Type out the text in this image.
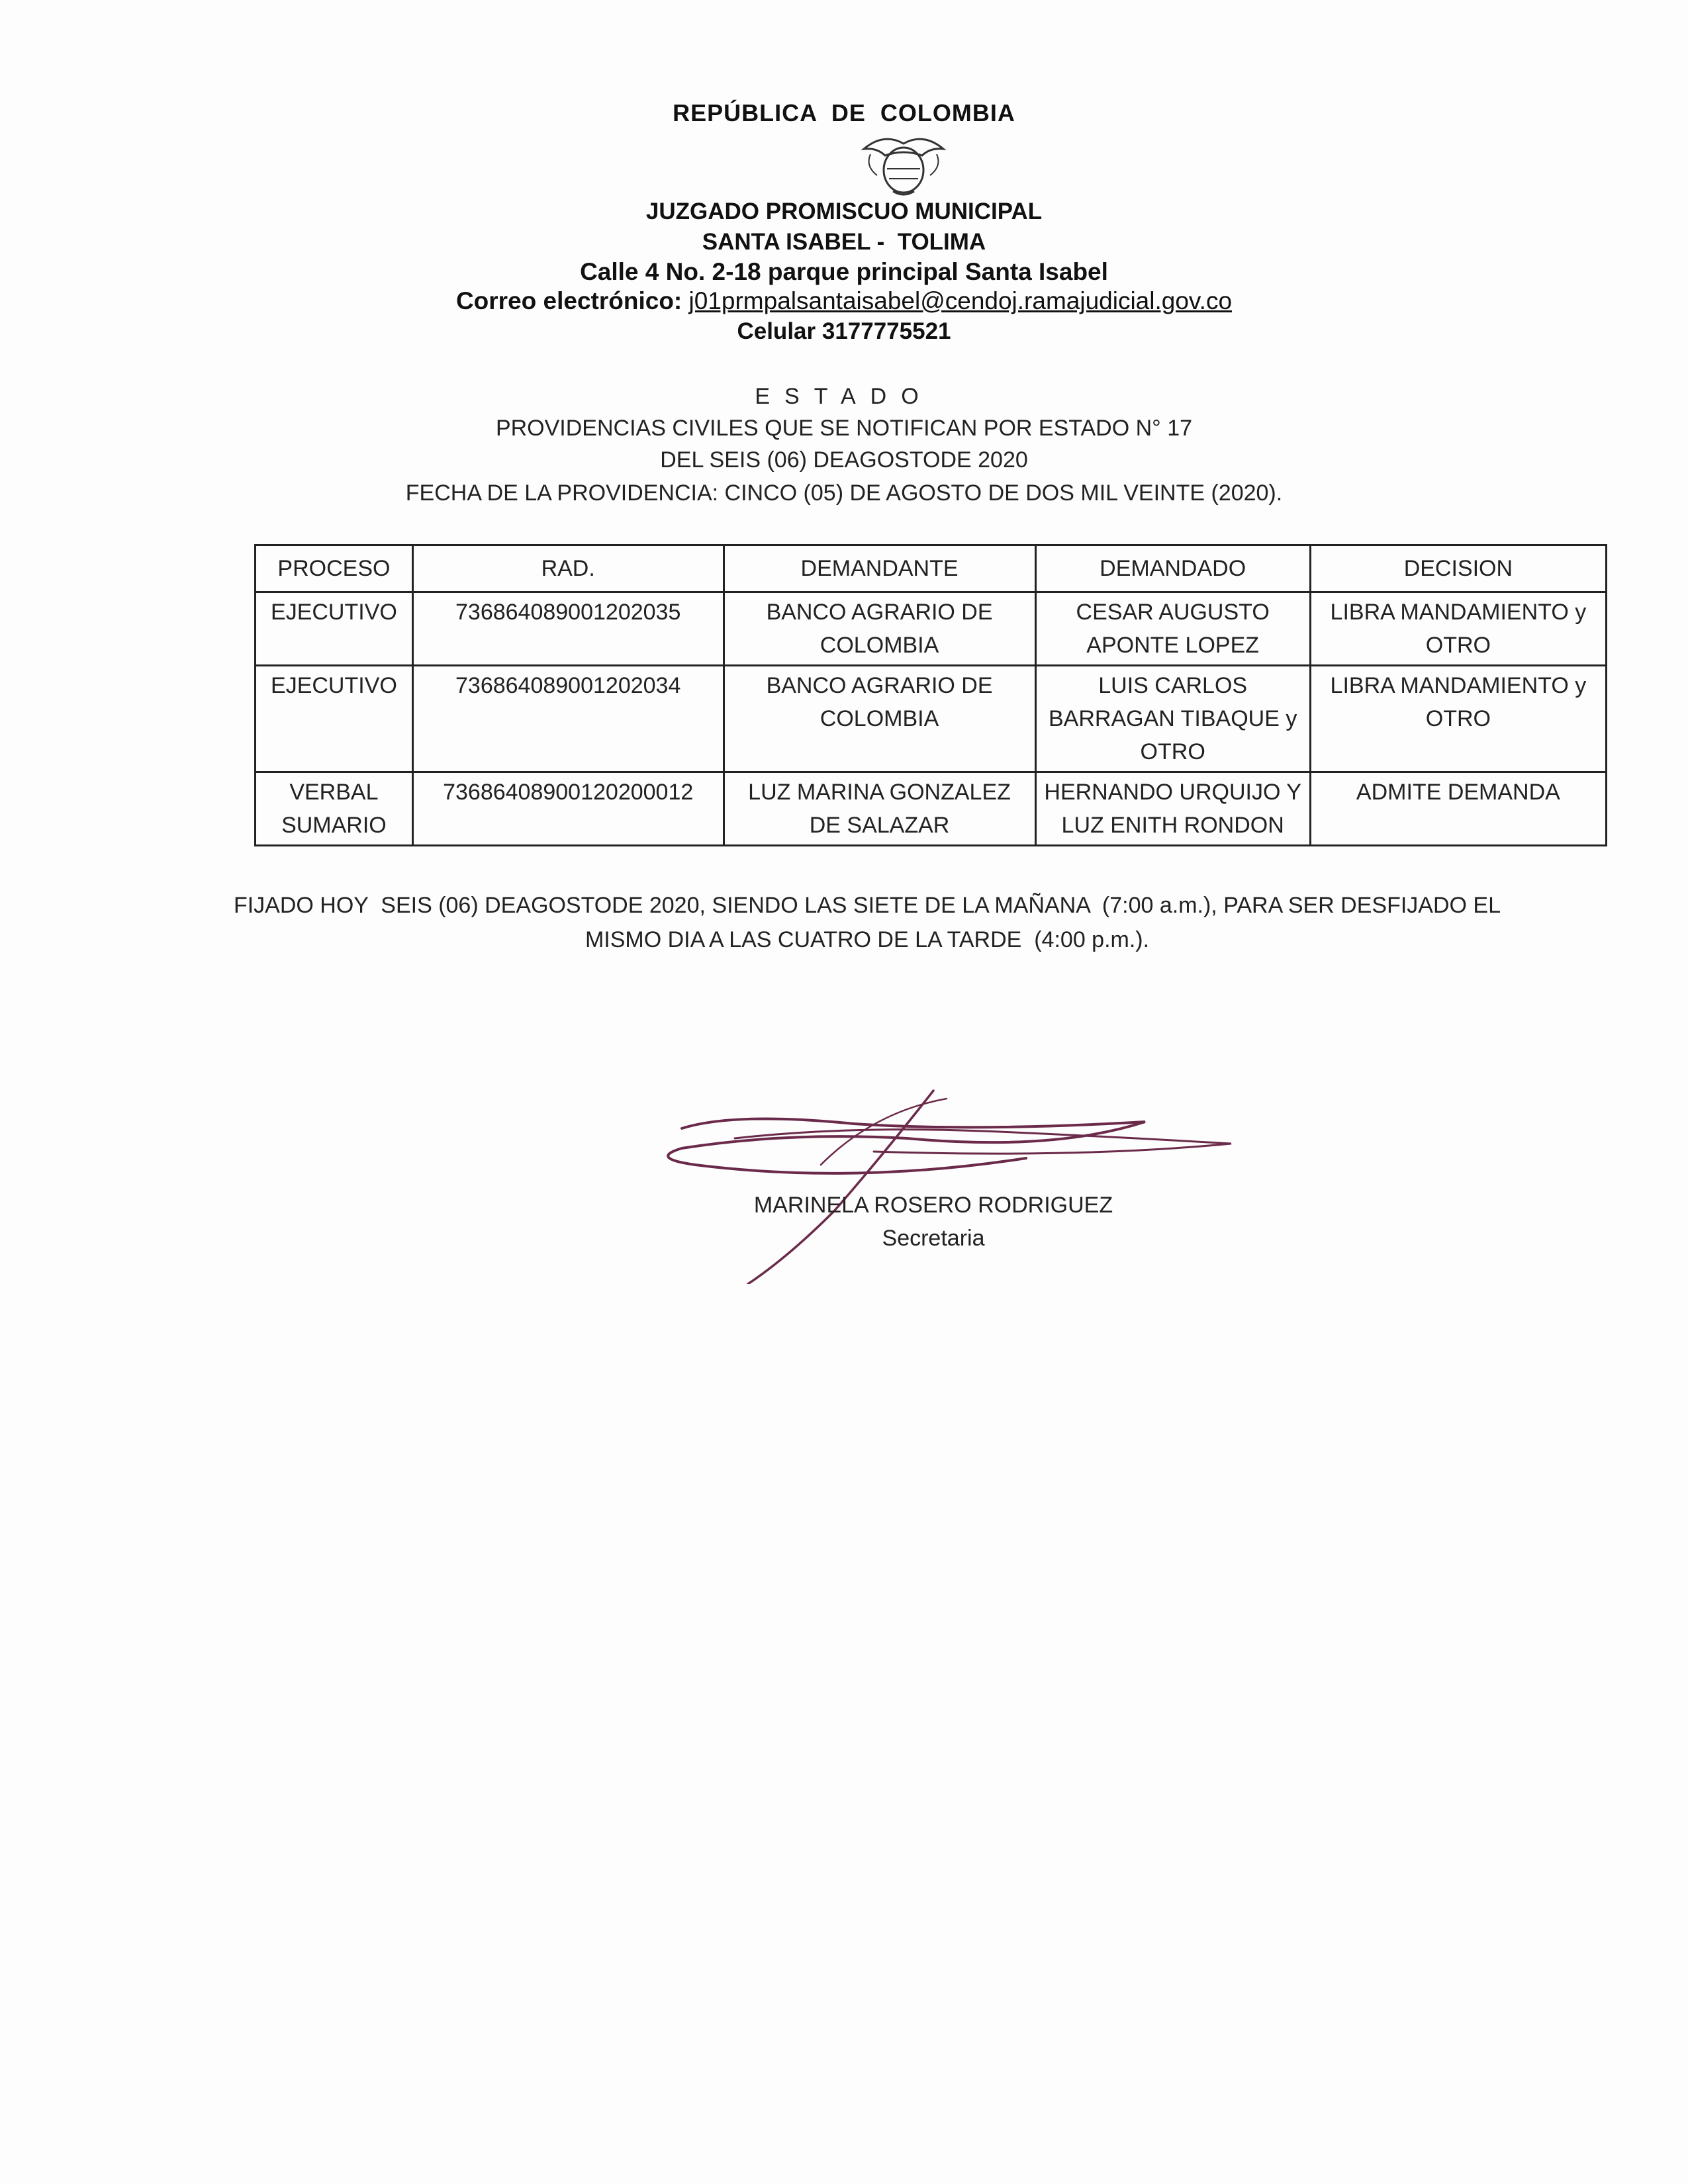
REPÚBLICA  DE  COLOMBIA
JUZGADO PROMISCUO MUNICIPAL
SANTA ISABEL -  TOLIMA
Calle 4 No. 2-18 parque principal Santa Isabel
Correo electrónico: j01prmpalsantaisabel@cendoj.ramajudicial.gov.co
Celular 3177775521
ESTADO
PROVIDENCIAS CIVILES QUE SE NOTIFICAN POR ESTADO N° 17
DEL SEIS (06) DEAGOSTODE 2020
FECHA DE LA PROVIDENCIA: CINCO (05) DE AGOSTO DE DOS MIL VEINTE (2020).
PROCESO	RAD.	DEMANDANTE	DEMANDADO	DECISION
EJECUTIVO	736864089001202035	BANCO AGRARIO DE COLOMBIA	CESAR AUGUSTO APONTE LOPEZ	LIBRA MANDAMIENTO y OTRO
EJECUTIVO	736864089001202034	BANCO AGRARIO DE COLOMBIA	LUIS CARLOS BARRAGAN TIBAQUE y OTRO	LIBRA MANDAMIENTO y OTRO
VERBAL SUMARIO	73686408900120200012	LUZ MARINA GONZALEZ DE SALAZAR	HERNANDO URQUIJO Y LUZ ENITH RONDON	ADMITE DEMANDA
FIJADO HOY  SEIS (06) DEAGOSTODE 2020, SIENDO LAS SIETE DE LA MAÑANA  (7:00 a.m.), PARA SER DESFIJADO EL
MISMO DIA A LAS CUATRO DE LA TARDE  (4:00 p.m.).
MARINELA ROSERO RODRIGUEZ
Secretaria
